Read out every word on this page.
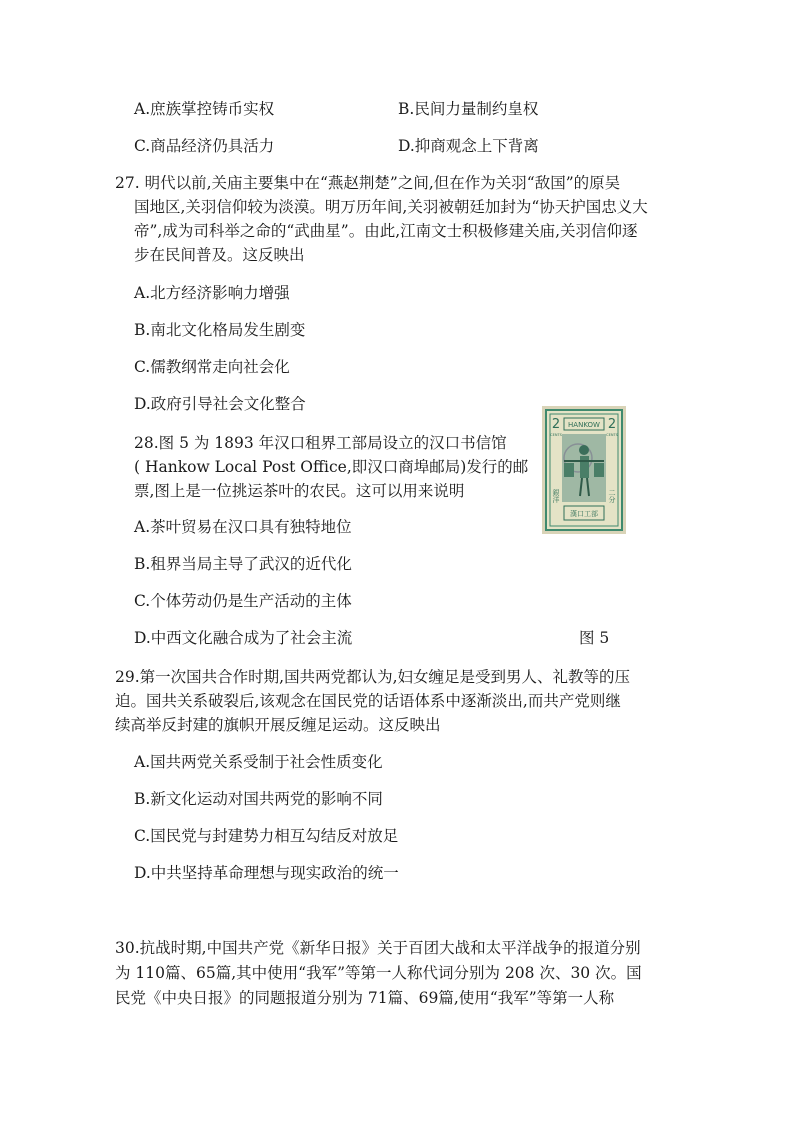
A.庶族掌控铸币实权	B.民间力量制约皇权
C.商品经济仍具活力	D.抑商观念上下背离
27. 明代以前,关庙主要集中在“燕赵荆楚”之间,但在作为关羽“敌国”的原吴
国地区,关羽信仰较为淡漠。明万历年间,关羽被朝廷加封为“协天护国忠义大
帝”,成为司科举之命的“武曲星”。由此,江南文士积极修建关庙,关羽信仰逐
步在民间普及。这反映出
A.北方经济影响力增强
B.南北文化格局发生剧变
C.儒教纲常走向社会化
D.政府引导社会文化整合
28.图 5 为 1893 年汉口租界工部局设立的汉口书信馆
( Hankow Local Post Office,即汉口商埠邮局)发行的邮
票,图上是一位挑运茶叶的农民。这可以用来说明
A.茶叶贸易在汉口具有独特地位
B.租界当局主导了武汉的近代化
C.个体劳动仍是生产活动的主体
D.中西文化融合成为了社会主流	图 5
HANKOW
2	2
CENTS	CENTS
銀洋	二分
漢口工部
29.第一次国共合作时期,国共两党都认为,妇女缠足是受到男人、礼教等的压
迫。国共关系破裂后,该观念在国民党的话语体系中逐渐淡出,而共产党则继
续高举反封建的旗帜开展反缠足运动。这反映出
A.国共两党关系受制于社会性质变化
B.新文化运动对国共两党的影响不同
C.国民党与封建势力相互勾结反对放足
D.中共坚持革命理想与现实政治的统一
30.抗战时期,中国共产党《新华日报》关于百团大战和太平洋战争的报道分别
为 110篇、65篇,其中使用“我军”等第一人称代词分别为 208 次、30 次。国
民党《中央日报》的同题报道分别为 71篇、69篇,使用“我军”等第一人称
